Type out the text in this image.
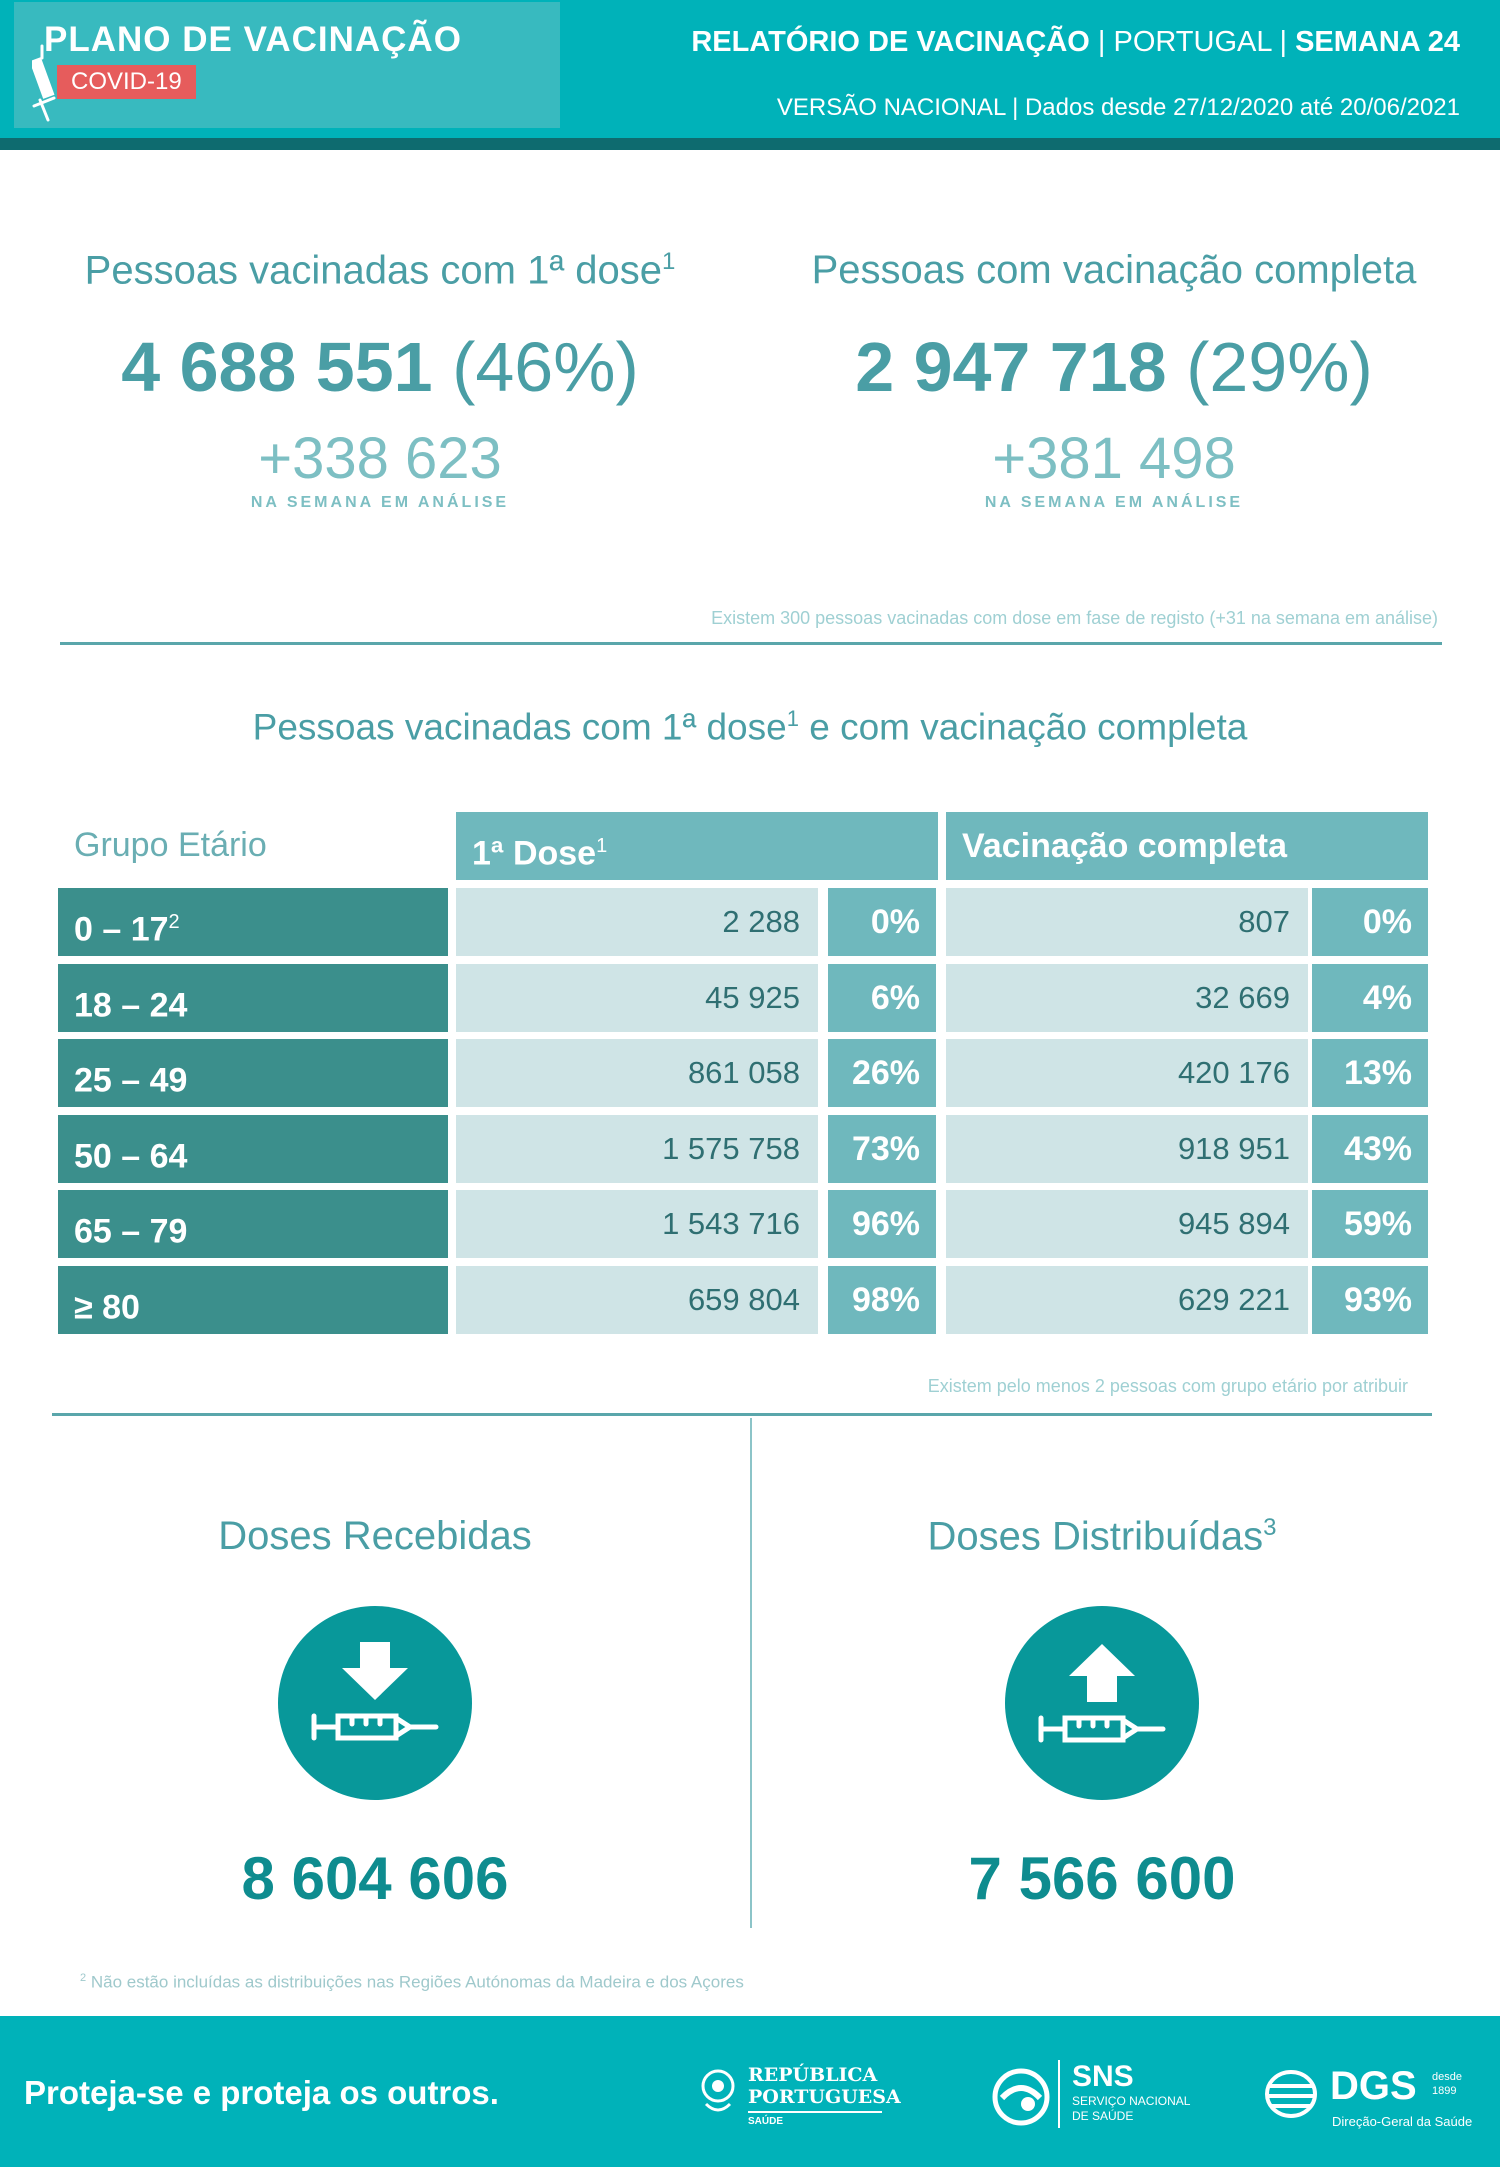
PLANO DE VACINAÇÃO
COVID-19
RELATÓRIO DE VACINAÇÃO | PORTUGAL | SEMANA 24
VERSÃO NACIONAL | Dados desde 27/12/2020 até 20/06/2021
Pessoas vacinadas com 1ª dose$^1$
4 688 551 (46%)
+338 623
NA SEMANA EM ANÁLISE
Pessoas com vacinação completa
2 947 718 (29%)
+381 498
NA SEMANA EM ANÁLISE
Existem 300 pessoas vacinadas com dose em fase de registo (+31 na semana em análise)
Pessoas vacinadas com 1ª dose$^1$ e com vacinação completa
Grupo Etário	1ª Dose$^1$	Vacinação completa
$0 - 17^2$	2 288	0%	807	0%
18 – 24	45 925	6%	32 669	4%
25 – 49	861 058	26%	420 176	13%
50 – 64	1 575 758	73%	918 951	43%
65 – 79	1 543 716	96%	945 894	59%
≥ 80	659 804	98%	629 221	93%
Existem pelo menos 2 pessoas com grupo etário por atribuir
Doses Recebidas
8 604 606
Doses Distribuídas$^3$
7 566 600
$^2$ Não estão incluídas as distribuições nas Regiões Autónomas da Madeira e dos Açores
Proteja-se e proteja os outros.	REPÚBLICA
PORTUGUESA
SAÚDE
SNS
SERVIÇO NACIONAL
DE SAÚDE
DGS desde
1899
Direção-Geral da Saúde
